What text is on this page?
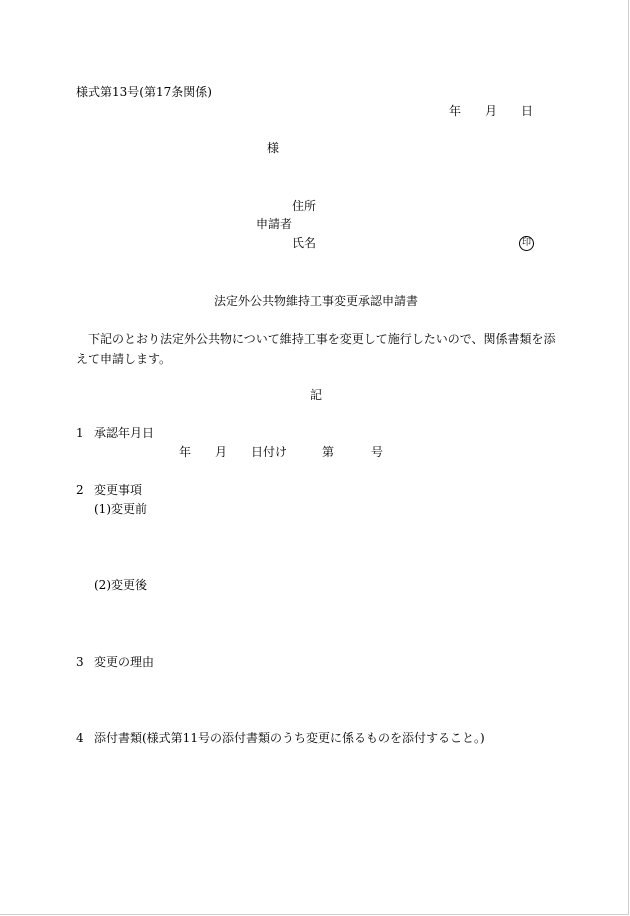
様式第13号(第17条関係)
年 月 日
様
住所
申請者
氏名	印
法定外公共物維持工事変更承認申請書
下記のとおり法定外公共物について維持工事を変更して施行したいので、関係書類を添えて申請します。
記
1 承認年月日
年 月 日付け	第	号
2 変更事項
(1)変更前
(2)変更後
3 変更の理由
4 添付書類(様式第11号の添付書類のうち変更に係るものを添付すること。)
